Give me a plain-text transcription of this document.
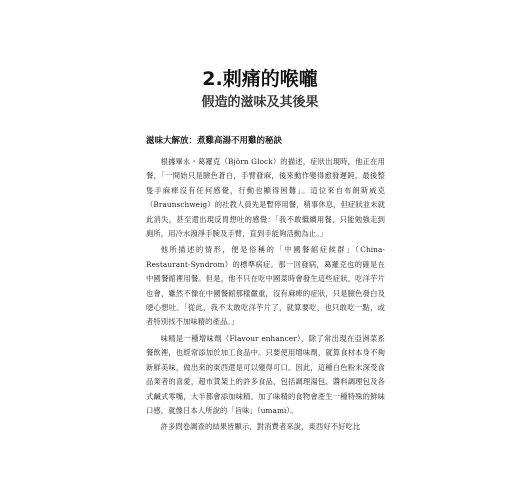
2.刺痛的喉嚨
假造的滋味及其後果
滋味大解放：煮雞高湯不用雞的秘訣

根據畢永・葛羅克（Björn Glock）的描述，症狀出現時，他正在用餐，「一開始只是臉色蒼白，手臂發麻，後來動作變得愈發遲鈍，最後整隻手麻痺沒有任何感覺，行動也顯得困難」。這位來自布朗斯威克（Braunschweig）的社教人員先是暫停用餐，稍事休息，但症狀並未就此消失，甚至還出現反胃想吐的感覺：「我不敢繼續用餐，只能勉強走到廁所，用冷水潑淨手腕及手臂，直到手能夠活動為止。」

他所描述的情形，便是俗稱的「中國餐館症候群」（China-Restaurant-Syndrom）的標準病症。那一回發病，葛羅克也的確是在中國餐館裡用餐。但是，他不只在吃中國菜時會發生這些症狀，吃洋芋片也會，雖然不像在中國餐館那樣嚴重，沒有麻痺的症狀，只是臉色發白及噁心想吐。「從此，我不太敢吃洋芋片了，就算要吃，也只敢吃一點，或者特別找不加味精的產品。」

味精是一種增味劑（Flavour enhancer），除了常出現在亞洲菜系餐飲裡，也經常添加於加工食品中。只要使用增味劑，就算食材本身不夠新鮮美味，做出來的東西還是可以變得可口。因此，這種白色粉末深受食品業者的喜愛，超市貨架上的許多食品，包括調理湯包、醬料調理包及各式鹹式零嘴，大半都會添加味精。加了味精的食物會產生一種特殊的鮮味口感，就像日本人所說的「旨味」（umami）。

許多問卷調查的結果皆顯示，對消費者來說，東西好不好吃比
